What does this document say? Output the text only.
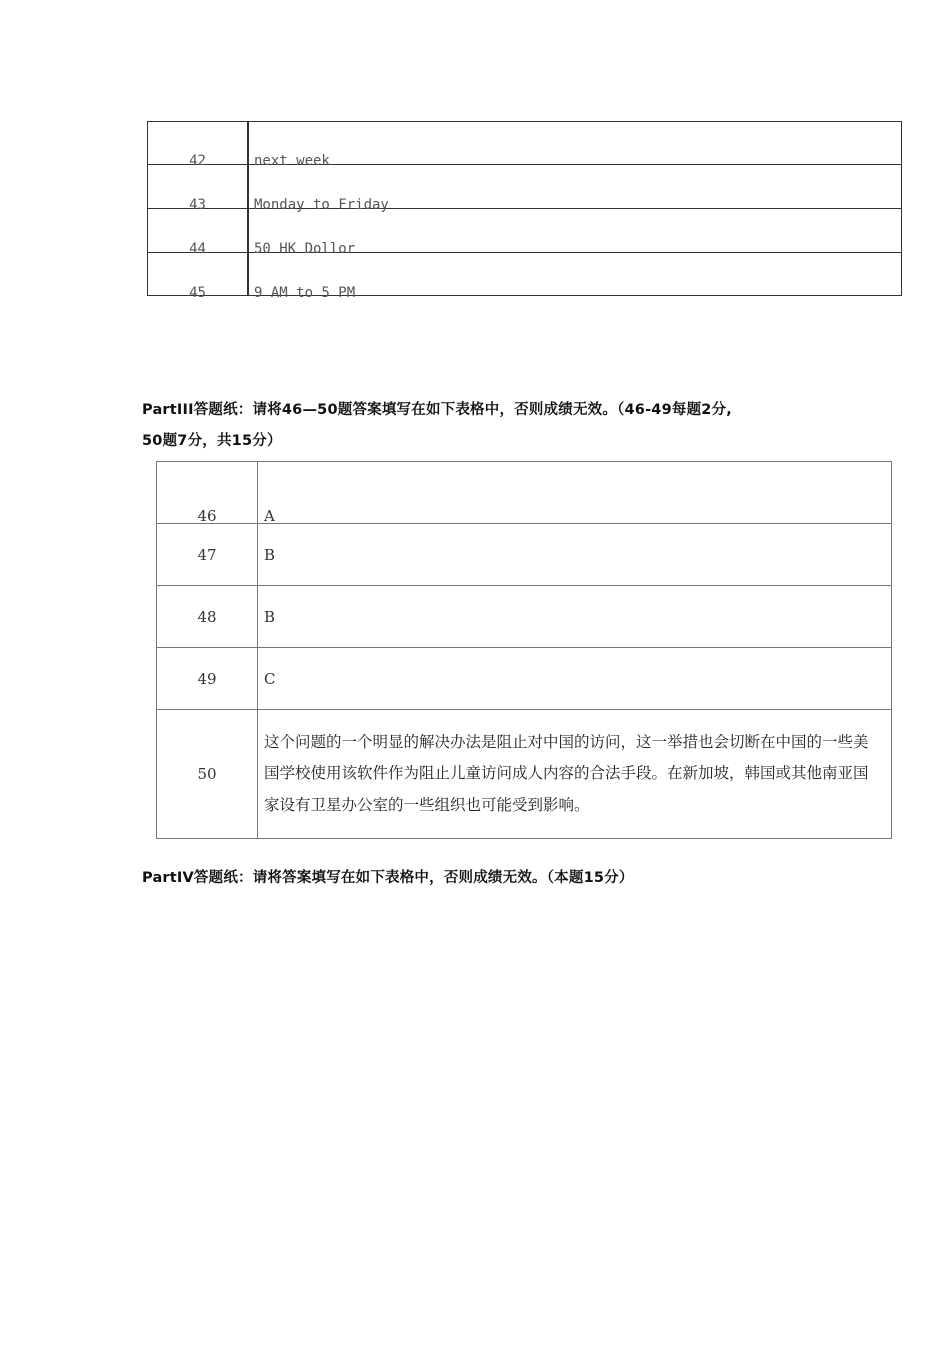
42	next week
43	Monday to Friday
44	50 HK Dollor
45	9 AM to 5 PM
PartIII答题纸：请将46—50题答案填写在如下表格中，否则成绩无效。（46-49每题2分,
50题7分，共15分）
46	A

47	B
48	B
49	C
50	这个问题的一个明显的解决办法是阻止对中国的访问，这一举措也会切断在中国的一些美国学校使用该软件作为阻止儿童访问成人内容的合法手段。在新加坡，韩国或其他南亚国家设有卫星办公室的一些组织也可能受到影响。
PartIV答题纸：请将答案填写在如下表格中，否则成绩无效。（本题15分）
